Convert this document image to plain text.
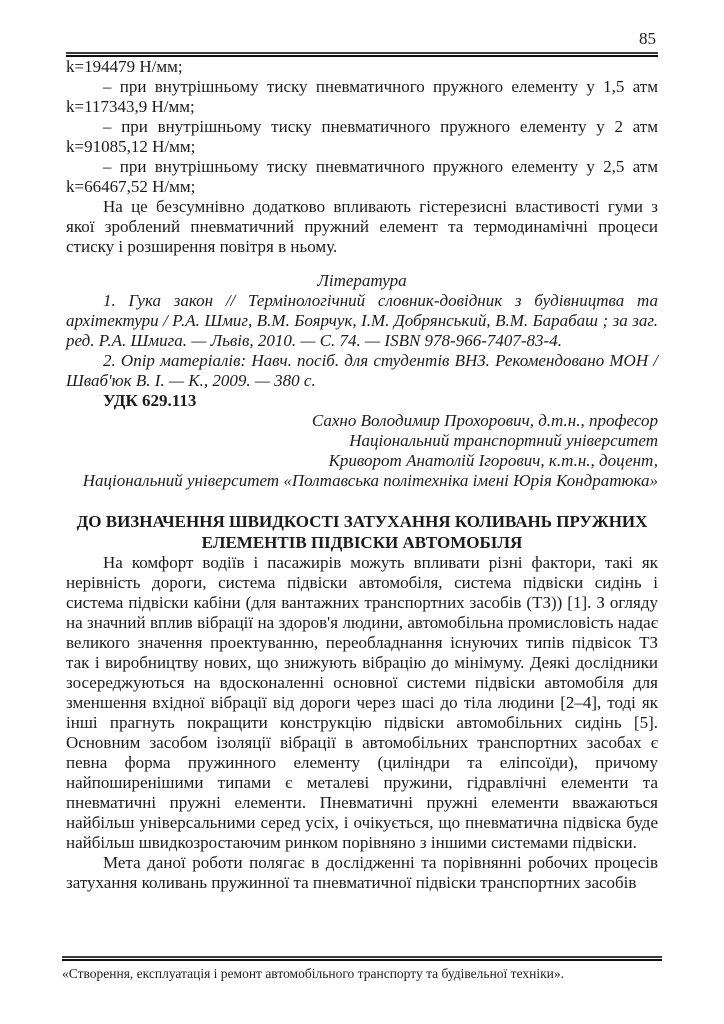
85

k=194479 Н/мм;

– при внутрішньому тиску пневматичного пружного елементу у 1,5 атм k=117343,9 Н/мм;

– при внутрішньому тиску пневматичного пружного елементу у 2 атм k=91085,12 Н/мм;

– при внутрішньому тиску пневматичного пружного елементу у 2,5 атм k=66467,52 Н/мм;

На це безсумнівно додатково впливають гістерезисні властивості гуми з якої зроблений пневматичний пружний елемент та термодинамічні процеси стиску і розширення повітря в ньому.

Література

1. Гука закон // Термінологічний словник-довідник з будівництва та архітектури / Р.А. Шмиг, В.М. Боярчук, І.М. Добрянський, В.М. Барабаш ; за заг. ред. Р.А. Шмига. — Львів, 2010. — С. 74. — ISBN 978-966-7407-83-4.

2. Опір матеріалів: Навч. посіб. для студентів ВНЗ. Рекомендовано МОН / Шваб'юк В. І. — К., 2009. — 380 с.

УДК 629.113

Сахно Володимир Прохорович, д.т.н., професор
Національний транспортний університет
Криворот Анатолій Ігорович, к.т.н., доцент,
Національний університет «Полтавська політехніка імені Юрія Кондратюка»
ДО ВИЗНАЧЕННЯ ШВИДКОСТІ ЗАТУХАННЯ КОЛИВАНЬ ПРУЖНИХ ЕЛЕМЕНТІВ ПІДВІСКИ АВТОМОБІЛЯ

На комфорт водіїв і пасажирів можуть впливати різні фактори, такі як нерівність дороги, система підвіски автомобіля, система підвіски сидінь і система підвіски кабіни (для вантажних транспортних засобів (ТЗ)) [1]. З огляду на значний вплив вібрації на здоров'я людини, автомобільна промисловість надає великого значення проектуванню, переобладнання існуючих типів підвісок ТЗ так і виробництву нових, що знижують вібрацію до мінімуму. Деякі дослідники зосереджуються на вдосконаленні основної системи підвіски автомобіля для зменшення вхідної вібрації від дороги через шасі до тіла людини [2–4], тоді як інші прагнуть покращити конструкцію підвіски автомобільних сидінь [5]. Основним засобом ізоляції вібрації в автомобільних транспортних засобах є певна форма пружинного елементу (циліндри та еліпсоїди), причому найпоширенішими типами є металеві пружини, гідравлічні елементи та пневматичні пружні елементи. Пневматичні пружні елементи вважаються найбільш універсальними серед усіх, і очікується, що пневматична підвіска буде найбільш швидкозростаючим ринком порівняно з іншими системами підвіски.

Мета даної роботи полягає в дослідженні та порівнянні робочих процесів затухання коливань пружинної та пневматичної підвіски транспортних засобів

«Створення, експлуатація і ремонт автомобільного транспорту та будівельної техніки».
